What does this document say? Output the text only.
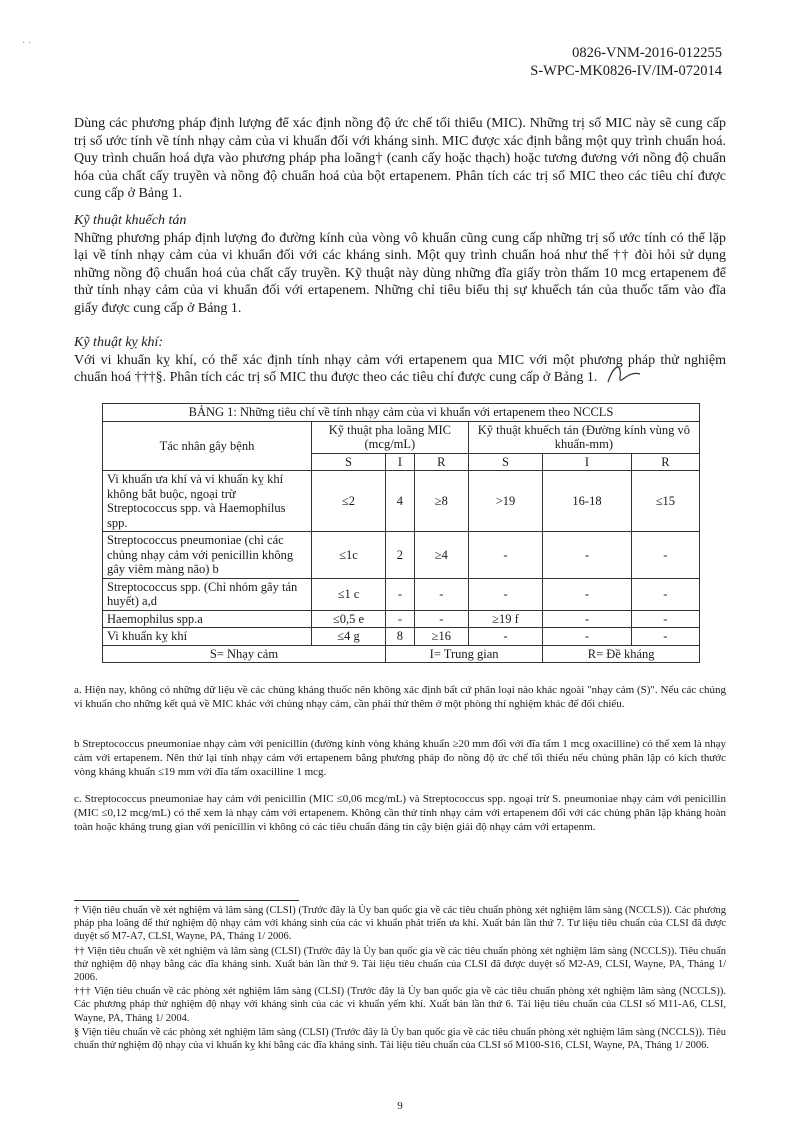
· ·
0826-VNM-2016-012255
S-WPC-MK0826-IV/IM-072014

Dùng các phương pháp định lượng để xác định nồng độ ức chế tối thiểu (MIC). Những trị số MIC này sẽ cung cấp trị số ước tính về tính nhạy cảm của vi khuẩn đối với kháng sinh. MIC được xác định bằng một quy trình chuẩn hoá. Quy trình chuẩn hoá dựa vào phương pháp pha loãng† (canh cấy hoặc thạch) hoặc tương đương với nồng độ chuẩn hóa của chất cấy truyền và nồng độ chuẩn hoá của bột ertapenem. Phân tích các trị số MIC theo các tiêu chí được cung cấp ở Bảng 1.

Kỹ thuật khuếch tán

Những phương pháp định lượng đo đường kính của vòng vô khuẩn cũng cung cấp những trị số ước tính có thể lặp lại về tính nhạy cảm của vi khuẩn đối với các kháng sinh. Một quy trình chuẩn hoá như thế †† đòi hỏi sử dụng những nồng độ chuẩn hoá của chất cấy truyền. Kỹ thuật này dùng những đĩa giấy tròn thấm 10 mcg ertapenem để thử tính nhạy cảm của vi khuẩn đối với ertapenem. Những chỉ tiêu biểu thị sự khuếch tán của thuốc tẩm vào đĩa giấy được cung cấp ở Bảng 1.

Kỹ thuật kỵ khí:

Với vi khuẩn kỵ khí, có thể xác định tính nhạy cảm với ertapenem qua MIC với một phương pháp thử nghiệm chuẩn hoá †††§. Phân tích các trị số MIC thu được theo các tiêu chí được cung cấp ở Bảng 1.

BẢNG 1: Những tiêu chí về tính nhạy cảm của vi khuẩn với ertapenem theo NCCLS						
Tác nhân gây bệnh	Kỹ thuật pha loãng MIC (mcg/mL)			Kỹ thuật khuếch tán (Đường kính vùng vô khuẩn-mm)		
	S	I	R	S	I	R
Vi khuẩn ưa khí và vi khuẩn kỵ khí không bắt buộc, ngoại trừ Streptococcus spp. và Haemophilus spp.	≤2	4	≥8	>19	16-18	≤15
Streptococcus pneumoniae (chỉ các chủng nhạy cảm với penicillin không gây viêm màng não) b	≤1c	2	≥4	-	-	-
Streptococcus spp. (Chỉ nhóm gây tán huyết) a,d	≤1 c	-	-	-	-	-
Haemophilus spp.a	≤0,5 e	-	-	≥19 f	-	-
Vi khuẩn kỵ khí	≤4 g	8	≥16	-	-	-
S= Nhạy cảm		I= Trung gian			R= Đề kháng	

a. Hiện nay, không có những dữ liệu về các chủng kháng thuốc nên không xác định bất cứ phân loại nào khác ngoài "nhạy cảm (S)". Nếu các chủng vi khuẩn cho những kết quả về MIC khác với chủng nhạy cảm, cần phải thử thêm ở một phòng thí nghiệm khác để đối chiếu.

b Streptococcus pneumoniae nhạy cảm với penicillin (đường kính vòng kháng khuẩn ≥20 mm đối với đĩa tẩm 1 mcg oxacilline) có thể xem là nhạy cảm với ertapenem. Nên thử lại tính nhạy cảm với ertapenem bằng phương pháp đo nồng độ ức chế tối thiểu nếu chủng phân lập có kích thước vòng kháng khuẩn ≤19 mm với đĩa tẩm oxacilline 1 mcg.

c. Streptococcus pneumoniae hay cảm với penicillin (MIC ≤0,06 mcg/mL) và Streptococcus spp. ngoại trừ S. pneumoniae nhạy cảm với penicillin (MIC ≤0,12 mcg/mL) có thể xem là nhạy cảm với ertapenem. Không cần thử tính nhạy cảm với ertapenem đối với các chủng phân lập kháng hoàn toàn hoặc kháng trung gian với penicillin vì không có các tiêu chuẩn đáng tin cậy biện giải độ nhạy cảm với ertapenm.

† Viện tiêu chuẩn về xét nghiệm và lâm sàng (CLSI) (Trước đây là Ủy ban quốc gia về các tiêu chuẩn phòng xét nghiệm lâm sàng (NCCLS)). Các phương pháp pha loãng để thử nghiệm độ nhạy cảm với kháng sinh của các vi khuẩn phát triển ưa khí. Xuất bản lần thứ 7. Tư liệu tiêu chuẩn của CLSI đã được duyệt số M7-A7, CLSI, Wayne, PA, Tháng 1/ 2006.

†† Viện tiêu chuẩn về xét nghiệm và lâm sàng (CLSI) (Trước đây là Ủy ban quốc gia về các tiêu chuẩn phòng xét nghiệm lâm sàng (NCCLS)). Tiêu chuẩn thử nghiệm độ nhạy bằng các đĩa kháng sinh. Xuất bản lần thứ 9. Tài liệu tiêu chuẩn của CLSI đã được duyệt số M2-A9, CLSI, Wayne, PA, Tháng 1/ 2006.

††† Viện tiêu chuẩn về các phòng xét nghiệm lâm sàng (CLSI) (Trước đây là Ủy ban quốc gia về các tiêu chuẩn phòng xét nghiệm lâm sàng (NCCLS)). Các phương pháp thử nghiệm độ nhạy với kháng sinh của các vi khuẩn yếm khí. Xuất bản lần thứ 6. Tài liệu tiêu chuẩn của CLSI số M11-A6, CLSI, Wayne, PA, Tháng 1/ 2004.

§ Viện tiêu chuẩn về các phòng xét nghiệm lâm sàng (CLSI) (Trước đây là Ủy ban quốc gia về các tiêu chuẩn phòng xét nghiệm lâm sàng (NCCLS)). Tiêu chuẩn thử nghiệm độ nhạy của vi khuẩn kỵ khí bằng các đĩa kháng sinh. Tài liệu tiêu chuẩn của CLSI số M100-S16, CLSI, Wayne, PA, Tháng 1/ 2006.

9
